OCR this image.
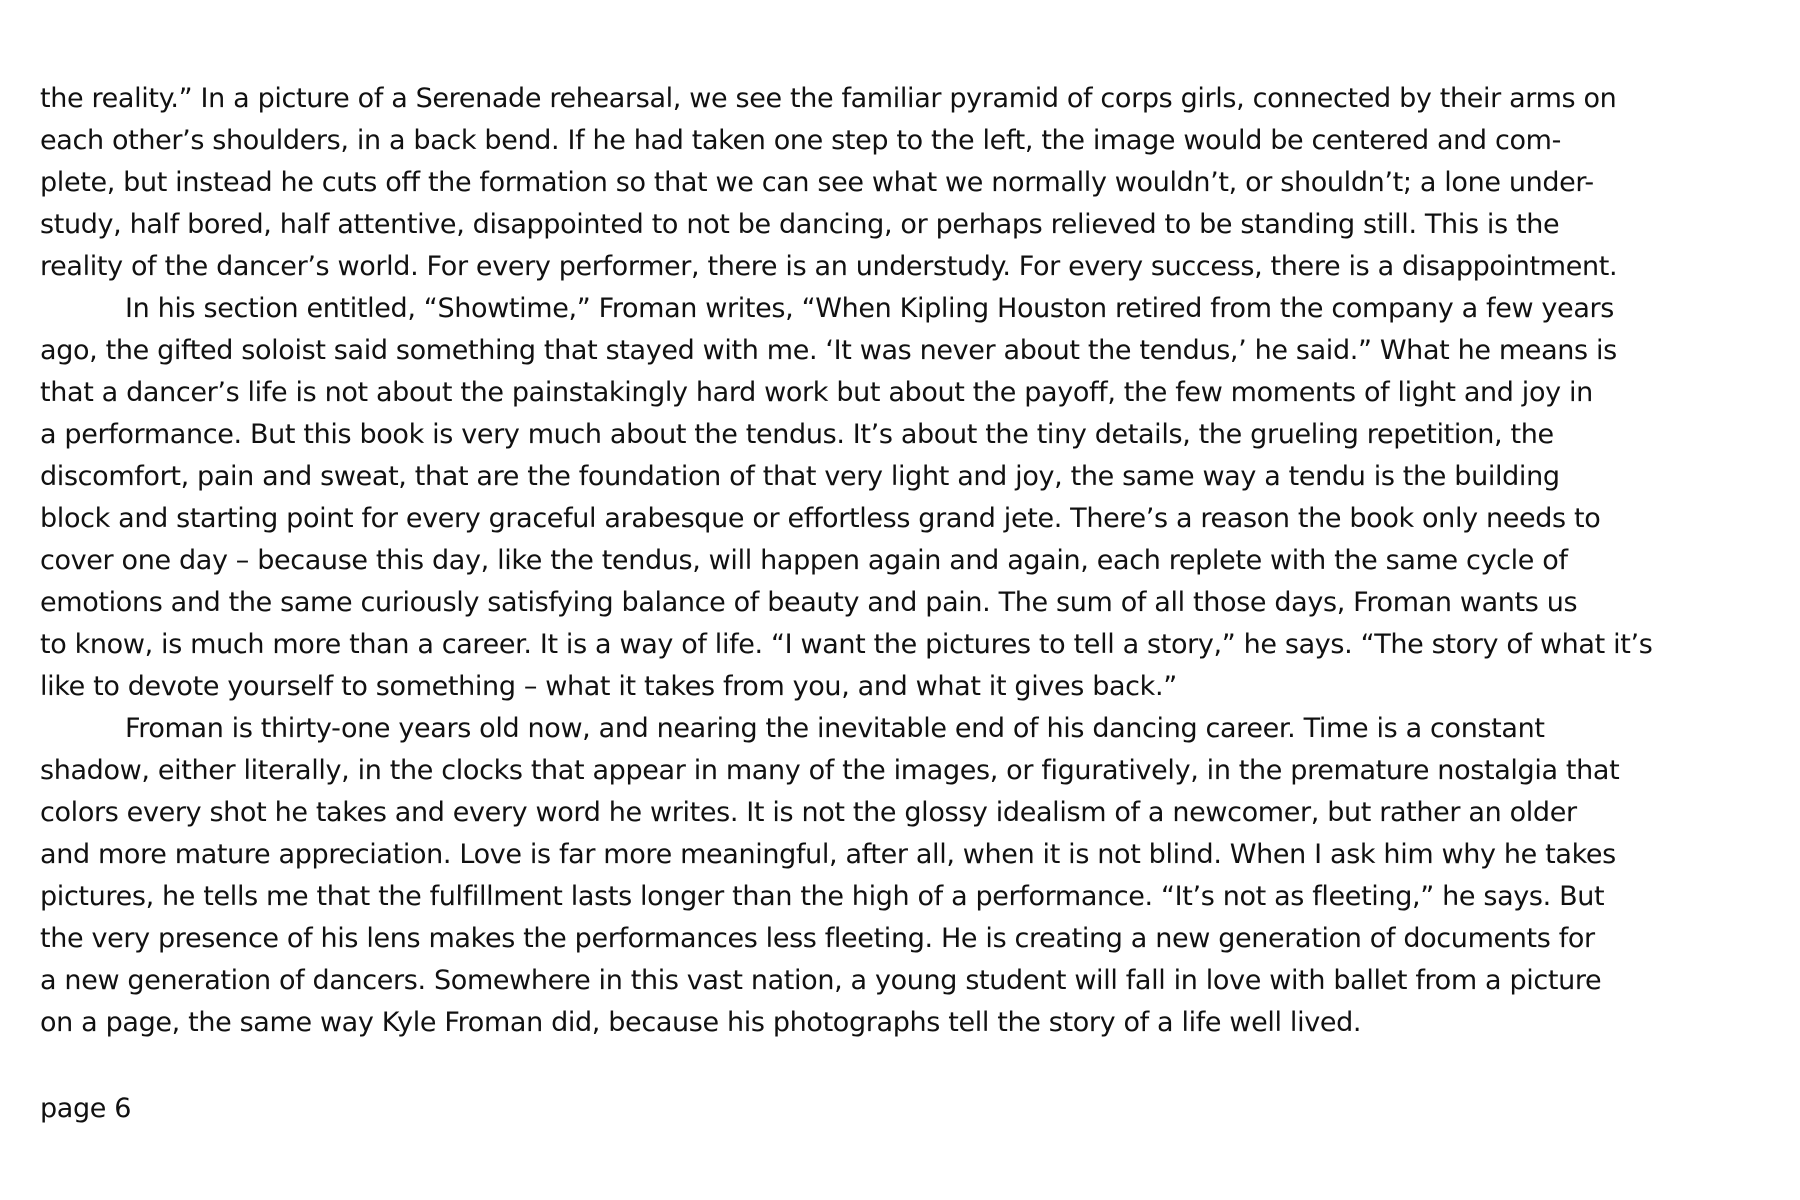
the reality.” In a picture of a Serenade rehearsal, we see the familiar pyramid of corps girls, connected by their arms on
each other’s shoulders, in a back bend. If he had taken one step to the left, the image would be centered and com-
plete, but instead he cuts off the formation so that we can see what we normally wouldn’t, or shouldn’t; a lone under-
study, half bored, half attentive, disappointed to not be dancing, or perhaps relieved to be standing still. This is the
reality of the dancer’s world. For every performer, there is an understudy. For every success, there is a disappointment.
In his section entitled, “Showtime,” Froman writes, “When Kipling Houston retired from the company a few years
ago, the gifted soloist said something that stayed with me. ‘It was never about the tendus,’ he said.” What he means is
that a dancer’s life is not about the painstakingly hard work but about the payoff, the few moments of light and joy in
a performance. But this book is very much about the tendus. It’s about the tiny details, the grueling repetition, the
discomfort, pain and sweat, that are the foundation of that very light and joy, the same way a tendu is the building
block and starting point for every graceful arabesque or effortless grand jete. There’s a reason the book only needs to
cover one day – because this day, like the tendus, will happen again and again, each replete with the same cycle of
emotions and the same curiously satisfying balance of beauty and pain. The sum of all those days, Froman wants us
to know, is much more than a career. It is a way of life. “I want the pictures to tell a story,” he says. “The story of what it’s
like to devote yourself to something – what it takes from you, and what it gives back.”
Froman is thirty-one years old now, and nearing the inevitable end of his dancing career. Time is a constant
shadow, either literally, in the clocks that appear in many of the images, or figuratively, in the premature nostalgia that
colors every shot he takes and every word he writes. It is not the glossy idealism of a newcomer, but rather an older
and more mature appreciation. Love is far more meaningful, after all, when it is not blind. When I ask him why he takes
pictures, he tells me that the fulfillment lasts longer than the high of a performance. “It’s not as fleeting,” he says. But
the very presence of his lens makes the performances less fleeting. He is creating a new generation of documents for
a new generation of dancers. Somewhere in this vast nation, a young student will fall in love with ballet from a picture
on a page, the same way Kyle Froman did, because his photographs tell the story of a life well lived.
page 6
